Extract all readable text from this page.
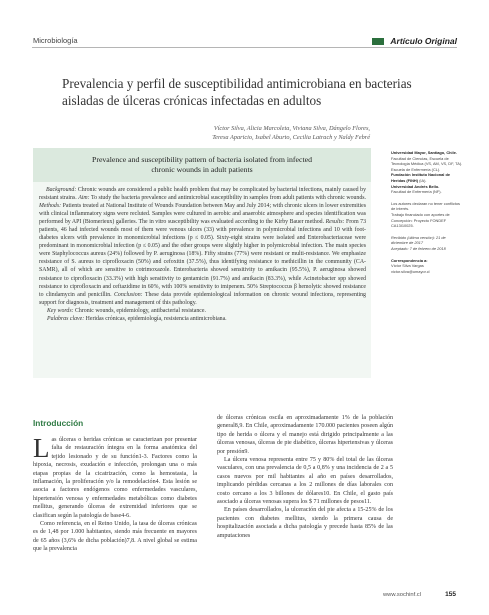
Microbiología	Artículo Original
Prevalencia y perfil de susceptibilidad antimicrobiana en bacterias aisladas de úlceras crónicas infectadas en adultos
Víctor Silva, Alicia Marcoleta, Viviana Silva, Dángelo Flores,
Teresa Aparicio, Isabel Aburto, Cecilia Latrach y Naldy Febré
Prevalence and susceptibility pattern of bacteria isolated from infected chronic wounds in adult patients

Background: Chronic wounds are considered a public health problem that may be complicated by bacterial infections, mainly caused by resistant strains. Aim: To study the bacteria prevalence and antimicrobial susceptibility in samples from adult patients with chronic wounds. Methods: Patients treated at National Institute of Wounds Foundation between May and July 2014; with chronic ulcers in lower extremities with clinical inflammatory signs were recluted. Samples were cultured in aerobic and anaerobic atmosphere and species identification was performed by API (Biomerieux) galleries. The in vitro susceptibility was evaluated according to the Kirby Bauer method. Results: From 73 patients, 46 had infected wounds most of them were venous ulcers (33) with prevalence in polymicrobial infections and 10 with foot-diabetes ulcers with prevalence in monomicrobial infections (p ≤ 0.05). Sixty-eight strains were isolated and Enterobacteriaceae were predominant in monomicrobial infection (p ≤ 0.05) and the other groups were slightly higher in polymicrobial infection. The main species were Staphylococcus aureus (24%) followed by P. aeruginosa (18%). Fifty strains (77%) were resistant or multi-resistance. We emphasize resistance of S. aureus to ciprofloxacin (50%) and cefoxitin (37.5%), thus identifying resistance to methicillin in the community (CA-SAMR), all of which are sensitive to cotrimoxazole. Enterobacteria showed sensitivity to amikacin (95.5%), P. aeruginosa showed resistance to ciprofloxacin (33.3%) with high sensitivity to gentamicin (91.7%) and amikacin (83.3%), while Acinetobacter spp showed resistance to ciprofloxacin and ceftazidime in 60%, with 100% sensitivity to imipenem. 50% Streptococcus β hemolytic showed resistance to clindamycin and penicillin. Conclusion: These data provide epidemiological information on chronic wound infections, representing support for diagnosis, treatment and management of this pathology.

Key words: Chronic wounds, epidemiology, antibacterial resistance.

Palabras clave: Heridas crónicas, epidemiología, resistencia antimicrobiana.

Universidad Mayor, Santiago, Chile.
Facultad de Ciencias, Escuela de Tecnología Médica (VS, AM, VS, DF, TA). Escuela de Enfermería (CL).
Fundación Instituto Nacional de Heridas (FINH) (IA).
Universidad Andrés Bello.
Facultad de Enfermería (NF).
Los autores declaran no tener conflictos de interés.
Trabajo financiado con aportes de Concepción: Proyecto FONDEF CA13I10025.
Recibido (última versión): 21 de diciembre de 2017
Aceptado: 7 de febrero de 2018
Correspondencia a:
Víctor Silva Vargas
victor.silva@umayor.cl
Introducción

Las úlceras o heridas crónicas se caracterizan por presentar falta de restauración íntegra en la forma anatómica del tejido lesionado y de su función1-3. Factores como la hipoxia, necrosis, exudación e infección, prolongan una o más etapas propias de la cicatrización, como la hemostasia, la inflamación, la proliferación y/o la remodelación4. Esta lesión se asocia a factores endógenos como enfermedades vasculares, hipertensión venosa y enfermedades metabólicas como diabetes mellitus, generando úlceras de extremidad inferiores que se clasifican según la patología de base4-6.

Como referencia, en el Reino Unido, la tasa de úlceras crónicas es de 1,48 por 1.000 habitantes, siendo más frecuente en mayores de 65 años (3,6% de dicha población)7,8. A nivel global se estima que la prevalencia

de úlceras crónicas oscila en aproximadamente 1% de la población general8,9. En Chile, aproximadamente 170.000 pacientes poseen algún tipo de herida o úlcera y el manejo está dirigido principalmente a las úlceras venosas, úlceras de pie diabético, úlceras hipertensivas y úlceras por presión9.

La úlcera venosa representa entre 75 y 80% del total de las úlceras vasculares, con una prevalencia de 0,5 a 0,8% y una incidencia de 2 a 5 casos nuevos por mil habitantes al año en países desarrollados, implicando pérdidas cercanas a los 2 millones de días laborales con costo cercano a los 3 billones de dólares10. En Chile, el gasto país asociado a úlceras venosas supera los $ 71 millones de pesos11.

En países desarrollados, la ulceración del pie afecta a 15-25% de los pacientes con diabetes mellitus, siendo la primera causa de hospitalización asociada a dicha patología y precede hasta 85% de las amputaciones

www.sochinf.cl	155
